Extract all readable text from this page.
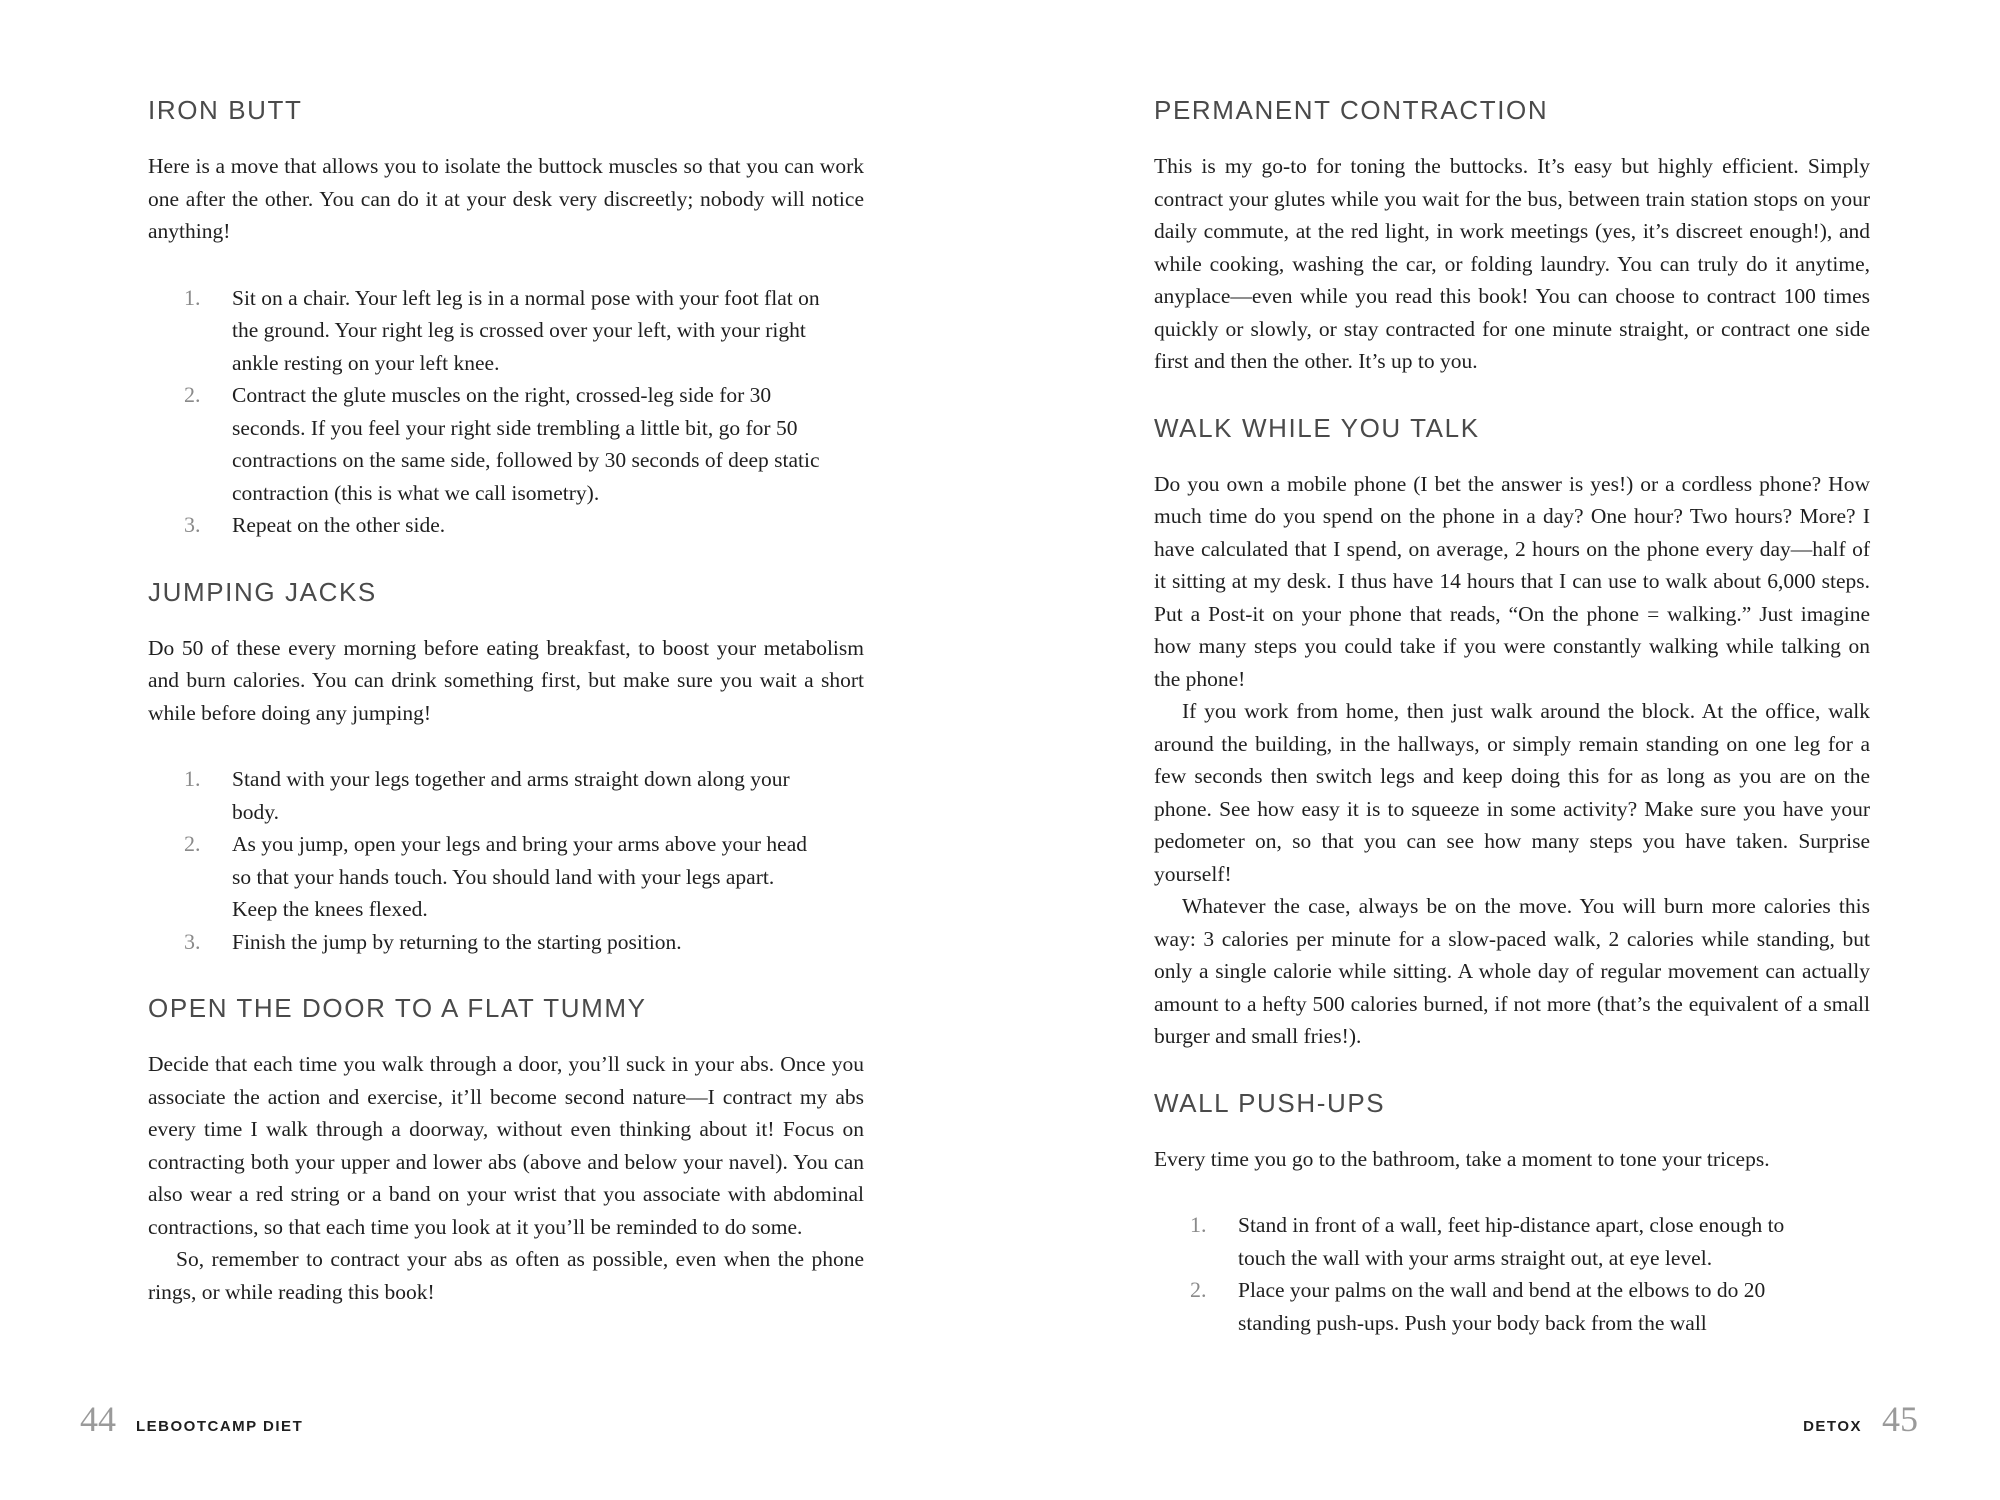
IRON BUTT

Here is a move that allows you to isolate the buttock muscles so that you can work one after the other. You can do it at your desk very discreetly; nobody will notice anything!

1. Sit on a chair. Your left leg is in a normal pose with your foot flat on the ground. Your right leg is crossed over your left, with your right ankle resting on your left knee.
2. Contract the glute muscles on the right, crossed-leg side for 30 seconds. If you feel your right side trembling a little bit, go for 50 contractions on the same side, followed by 30 seconds of deep static contraction (this is what we call isometry).
3. Repeat on the other side.
JUMPING JACKS

Do 50 of these every morning before eating breakfast, to boost your metabolism and burn calories. You can drink something first, but make sure you wait a short while before doing any jumping!

1. Stand with your legs together and arms straight down along your body.
2. As you jump, open your legs and bring your arms above your head so that your hands touch. You should land with your legs apart. Keep the knees flexed.
3. Finish the jump by returning to the starting position.
OPEN THE DOOR TO A FLAT TUMMY

Decide that each time you walk through a door, you’ll suck in your abs. Once you associate the action and exercise, it’ll become second nature—I contract my abs every time I walk through a doorway, without even thinking about it! Focus on contracting both your upper and lower abs (above and below your navel). You can also wear a red string or a band on your wrist that you associate with abdominal contractions, so that each time you look at it you’ll be reminded to do some.

So, remember to contract your abs as often as possible, even when the phone rings, or while reading this book!

44 LEBOOTCAMP DIET
PERMANENT CONTRACTION

This is my go-to for toning the buttocks. It’s easy but highly efficient. Simply contract your glutes while you wait for the bus, between train station stops on your daily commute, at the red light, in work meetings (yes, it’s discreet enough!), and while cooking, washing the car, or folding laundry. You can truly do it anytime, anyplace—even while you read this book! You can choose to contract 100 times quickly or slowly, or stay contracted for one minute straight, or contract one side first and then the other. It’s up to you.

WALK WHILE YOU TALK

Do you own a mobile phone (I bet the answer is yes!) or a cordless phone? How much time do you spend on the phone in a day? One hour? Two hours? More? I have calculated that I spend, on average, 2 hours on the phone every day—half of it sitting at my desk. I thus have 14 hours that I can use to walk about 6,000 steps. Put a Post-it on your phone that reads, “On the phone = walking.” Just imagine how many steps you could take if you were constantly walking while talking on the phone!

If you work from home, then just walk around the block. At the office, walk around the building, in the hallways, or simply remain standing on one leg for a few seconds then switch legs and keep doing this for as long as you are on the phone. See how easy it is to squeeze in some activity? Make sure you have your pedometer on, so that you can see how many steps you have taken. Surprise yourself!

Whatever the case, always be on the move. You will burn more calories this way: 3 calories per minute for a slow-paced walk, 2 calories while standing, but only a single calorie while sitting. A whole day of regular movement can actually amount to a hefty 500 calories burned, if not more (that’s the equivalent of a small burger and small fries!).

WALL PUSH-UPS

Every time you go to the bathroom, take a moment to tone your triceps.

1. Stand in front of a wall, feet hip-distance apart, close enough to touch the wall with your arms straight out, at eye level.
2. Place your palms on the wall and bend at the elbows to do 20 standing push-ups. Push your body back from the wall
DETOX 45
